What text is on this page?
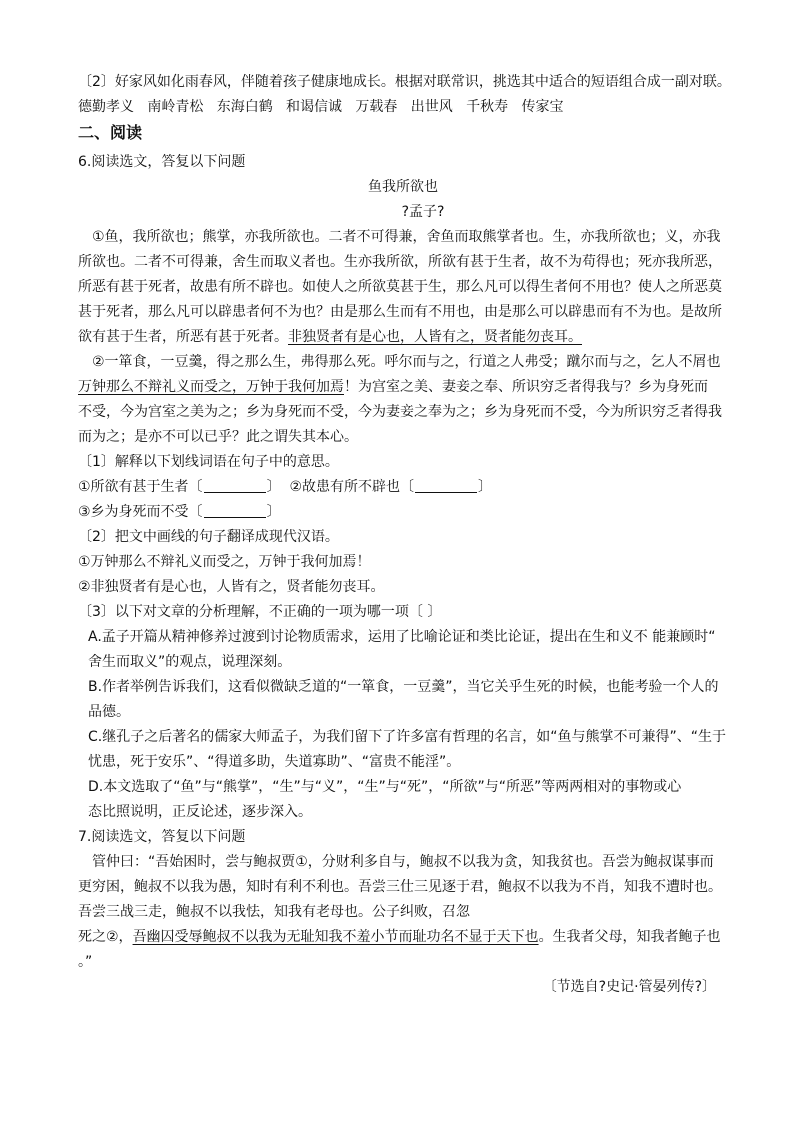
〔2〕好家风如化雨春风，伴随着孩子健康地成长。根据对联常识，挑选其中适合的短语组合成一副对联。

德勤孝义   南岭青松   东海白鹤   和谒信诚   万载春   出世风   千秋寿   传家宝

二、阅读

6.阅读选文，答复以下问题

鱼我所欲也

?孟子?

①鱼，我所欲也；熊掌，亦我所欲也。二者不可得兼，舍鱼而取熊掌者也。生，亦我所欲也；义，亦我

所欲也。二者不可得兼，舍生而取义者也。生亦我所欲，所欲有甚于生者，故不为苟得也；死亦我所恶，

所恶有甚于死者，故患有所不辟也。如使人之所欲莫甚于生，那么凡可以得生者何不用也？使人之所恶莫

甚于死者，那么凡可以辟患者何不为也？由是那么生而有不用也，由是那么可以辟患而有不为也。是故所

欲有甚于生者，所恶有甚于死者。非独贤者有是心也，人皆有之，贤者能勿丧耳。

②一箪食，一豆羹，得之那么生，弗得那么死。呼尔而与之，行道之人弗受；蹴尔而与之，乞人不屑也

万钟那么不辩礼义而受之，万钟于我何加焉！为宫室之美、妻妾之奉、所识穷乏者得我与？乡为身死而

不受，今为宫室之美为之；乡为身死而不受，今为妻妾之奉为之；乡为身死而不受，今为所识穷乏者得我

而为之；是亦不可以已乎？此之谓失其本心。

〔1〕解释以下划线词语在句子中的意思。

①所欲有甚于生者〔	〕 ②故患有所不辟也〔	〕

③乡为身死而不受〔	〕

〔2〕把文中画线的句子翻译成现代汉语。

①万钟那么不辩礼义而受之，万钟于我何加焉！

②非独贤者有是心也，人皆有之，贤者能勿丧耳。

〔3〕以下对文章的分析理解，不正确的一项为哪一项〔 〕

A.孟子开篇从精神修养过渡到讨论物质需求，运用了比喻论证和类比论证，提出在生和义不 能兼顾时“

舍生而取义”的观点，说理深刻。

B.作者举例告诉我们，这看似微缺乏道的“一箪食，一豆羹”，当它关乎生死的时候，也能考验一个人的

品德。

C.继孔子之后著名的儒家大师孟子，为我们留下了许多富有哲理的名言，如“鱼与熊掌不可兼得”、“生于

忧患，死于安乐”、“得道多助，失道寡助”、“富贵不能淫”。

D.本文选取了“鱼”与“熊掌”，“生”与“义”，“生”与“死”，“所欲”与“所恶”等两两相对的事物或心

态比照说明，正反论述，逐步深入。

7.阅读选文，答复以下问题

管仲曰：“吾始困时，尝与鲍叔贾①，分财利多自与，鲍叔不以我为贪，知我贫也。吾尝为鲍叔谋事而

更穷困，鲍叔不以我为愚，知时有利不利也。吾尝三仕三见逐于君，鲍叔不以我为不肖，知我不遭时也。

吾尝三战三走，鲍叔不以我怯，知我有老母也。公子纠败，召忽

死之②，吾幽囚受辱鲍叔不以我为无耻知我不羞小节而耻功名不显于天下也。生我者父母，知我者鲍子也

。”

〔节选自?史记·管晏列传?〕
